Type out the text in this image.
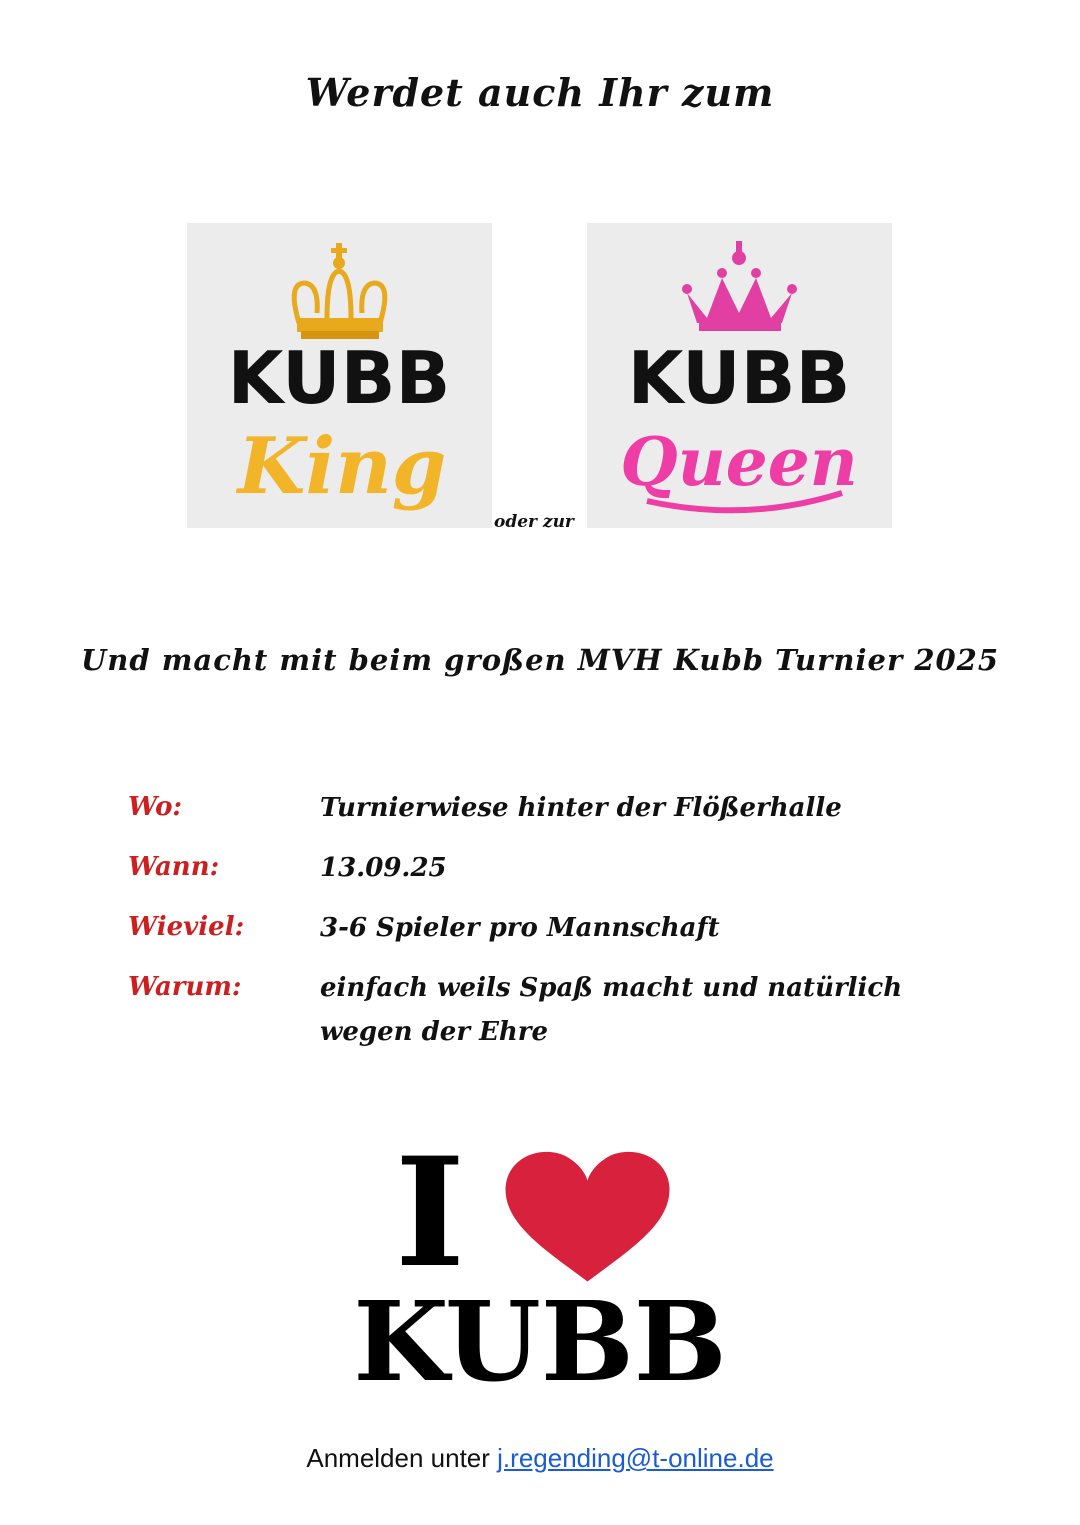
Werdet auch Ihr zum
KUBB
King
oder zur
KUBB
Queen
Und macht mit beim großen MVH Kubb Turnier 2025
Wo:	Turnierwiese hinter der Flößerhalle
Wann:	13.09.25
Wieviel:	3-6 Spieler pro Mannschaft
Warum:	einfach weils Spaß macht und natürlich wegen der Ehre
I
KUBB
Anmelden unter j.regending@t-online.de
